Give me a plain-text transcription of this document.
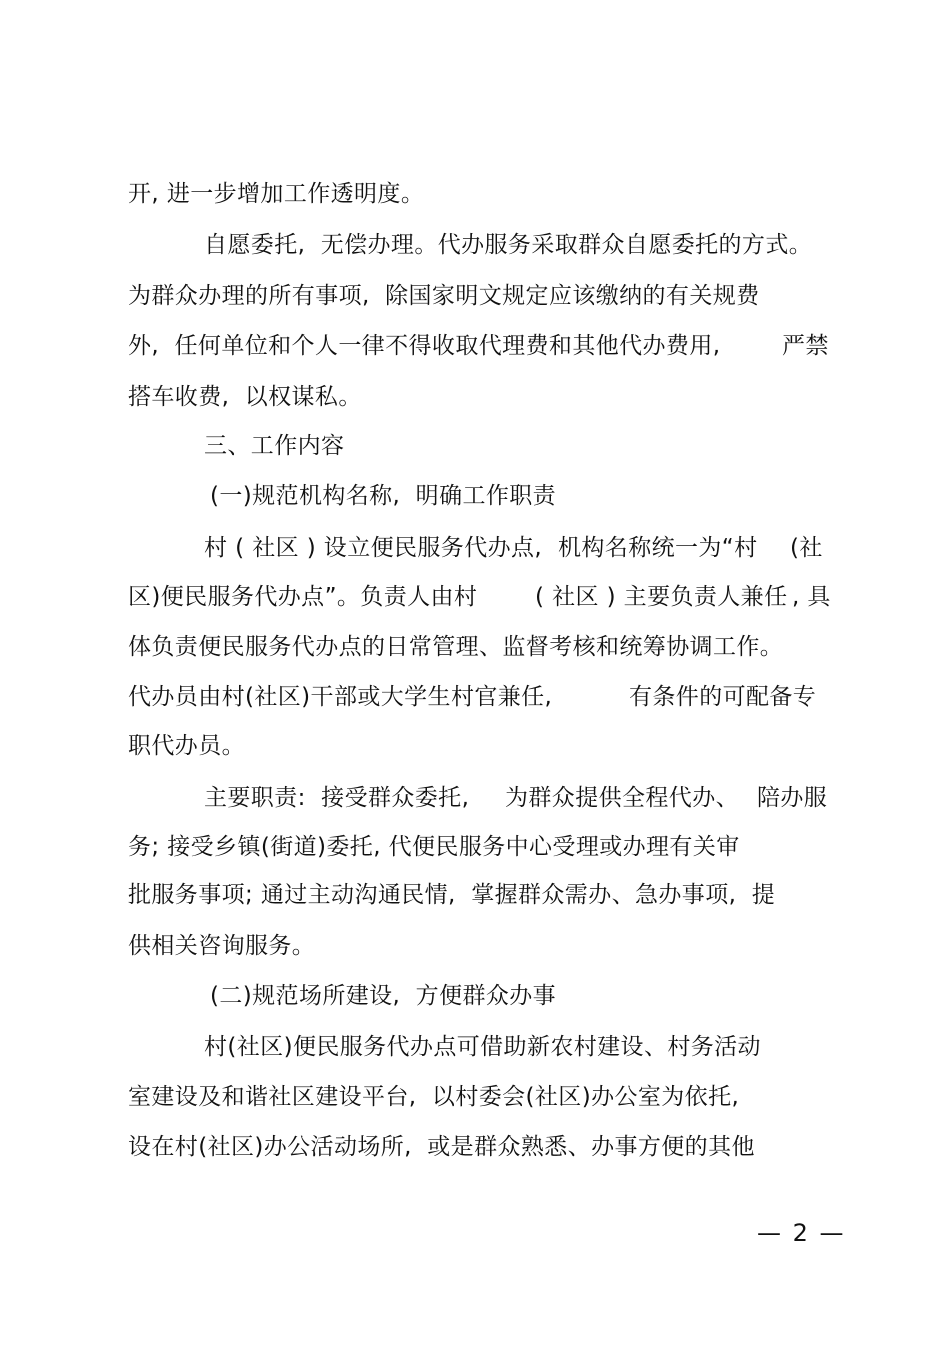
开, 进一步增加工作透明度。
自愿委托,  无偿办理。代办服务采取群众自愿委托的方式。
为群众办理的所有事项,  除国家明文规定应该缴纳的有关规费
外,  任何单位和个人一律不得收取代理费和其他代办费用,	严禁
搭车收费,  以权谋私。
三、工作内容
(一)规范机构名称,  明确工作职责
村 ( 社区 ) 设立便民服务代办点, 机构名称统一为“村 (社
区)便民服务代办点”。负责人由村	( 社区 ) 主要负责人兼任 , 具
体负责便民服务代办点的日常管理、监督考核和统筹协调工作。
代办员由村(社区)干部或大学生村官兼任,	有条件的可配备专
职代办员。
主要职责:  接受群众委托, 为群众提供全程代办、 陪办服
务; 接受乡镇(街道)委托, 代便民服务中心受理或办理有关审
批服务事项; 通过主动沟通民情,  掌握群众需办、急办事项,  提
供相关咨询服务。
(二)规范场所建设,  方便群众办事
村(社区)便民服务代办点可借助新农村建设、村务活动
室建设及和谐社区建设平台,  以村委会(社区)办公室为依托,
设在村(社区)办公活动场所,  或是群众熟悉、办事方便的其他
— 2 —
